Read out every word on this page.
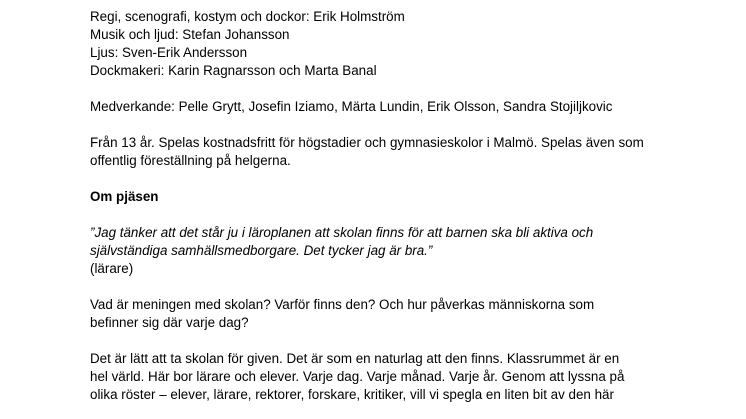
Regi, scenografi, kostym och dockor: Erik Holmström
Musik och ljud: Stefan Johansson
Ljus: Sven-Erik Andersson
Dockmakeri: Karin Ragnarsson och Marta Banal
Medverkande: Pelle Grytt, Josefin Iziamo, Märta Lundin, Erik Olsson, Sandra Stojiljkovic
Från 13 år. Spelas kostnadsfritt för högstadier och gymnasieskolor i Malmö. Spelas även som
offentlig föreställning på helgerna.
Om pjäsen
”Jag tänker att det står ju i läroplanen att skolan finns för att barnen ska bli aktiva och
självständiga samhällsmedborgare. Det tycker jag är bra.”
(lärare)
Vad är meningen med skolan? Varför finns den? Och hur påverkas människorna som
befinner sig där varje dag?
Det är lätt att ta skolan för given. Det är som en naturlag att den finns. Klassrummet är en
hel värld. Här bor lärare och elever. Varje dag. Varje månad. Varje år. Genom att lyssna på
olika röster – elever, lärare, rektorer, forskare, kritiker, vill vi spegla en liten bit av den här
